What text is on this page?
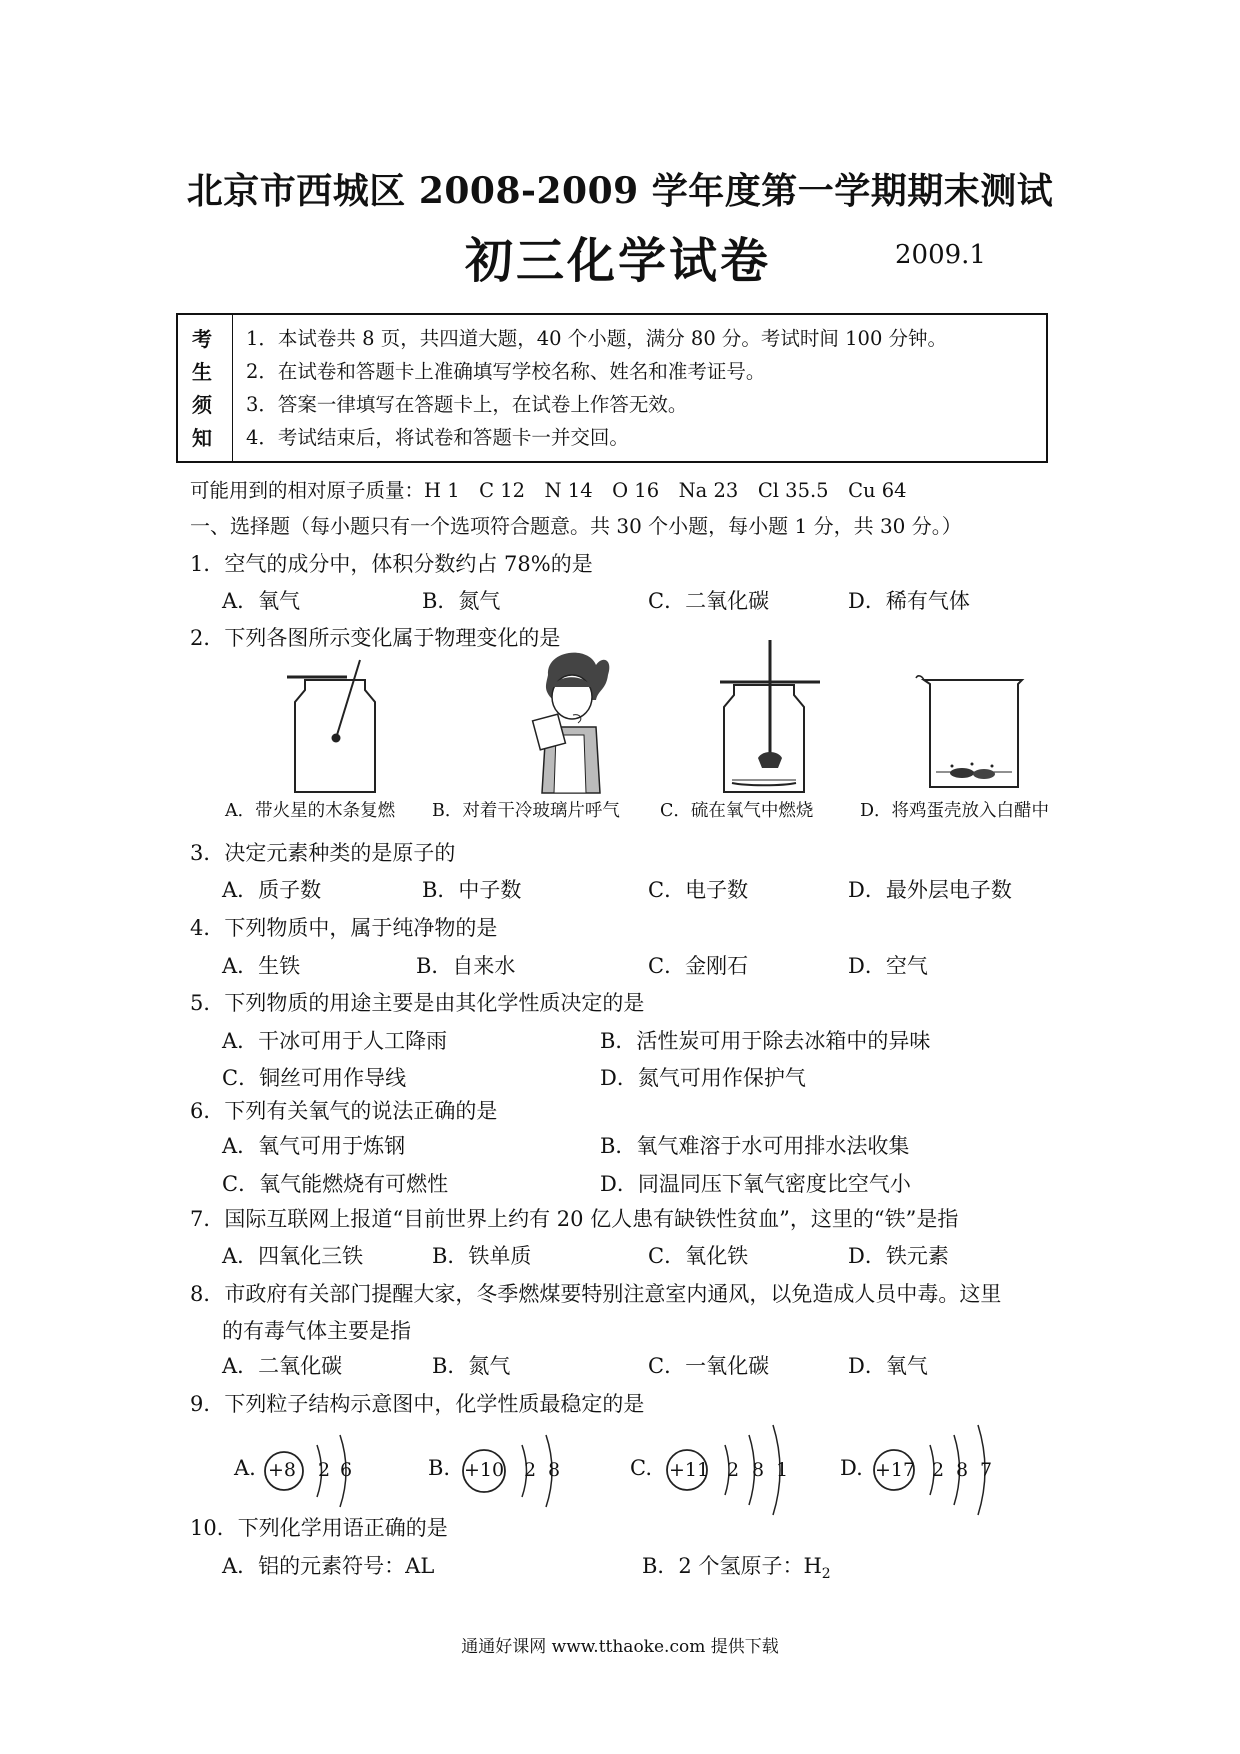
北京市西城区 2008-2009 学年度第一学期期末测试
初三化学试卷	2009.1
考
生
须
知
1．本试卷共 8 页，共四道大题，40 个小题，满分 80 分。考试时间 100 分钟。
2．在试卷和答题卡上准确填写学校名称、姓名和准考证号。
3．答案一律填写在答题卡上，在试卷上作答无效。
4．考试结束后，将试卷和答题卡一并交回。
可能用到的相对原子质量：H 1　C 12　N 14　O 16　Na 23　Cl 35.5　Cu 64
一、选择题（每小题只有一个选项符合题意。共 30 个小题，每小题 1 分，共 30 分。）
1．空气的成分中，体积分数约占 78%的是
A．氧气	B．氮气	C．二氧化碳	D．稀有气体
2．下列各图所示变化属于物理变化的是
A．带火星的木条复燃 B．对着干冷玻璃片呼气 C．硫在氧气中燃烧	D．将鸡蛋壳放入白醋中
3．决定元素种类的是原子的
A．质子数	B．中子数	C．电子数	D．最外层电子数
4．下列物质中，属于纯净物的是
A．生铁	B．自来水	C．金刚石	D．空气
5．下列物质的用途主要是由其化学性质决定的是
A．干冰可用于人工降雨	B．活性炭可用于除去冰箱中的异味
C．铜丝可用作导线	D．氮气可用作保护气
6．下列有关氧气的说法正确的是
A．氧气可用于炼钢	B．氧气难溶于水可用排水法收集
C．氧气能燃烧有可燃性	D．同温同压下氧气密度比空气小
7．国际互联网上报道“目前世界上约有 20 亿人患有缺铁性贫血”，这里的“铁”是指
A．四氧化三铁	B．铁单质	C．氧化铁	D．铁元素
8．市政府有关部门提醒大家，冬季燃煤要特别注意室内通风，以免造成人员中毒。这里
的有毒气体主要是指
A．二氧化碳	B．氮气	C．一氧化碳	D．氧气
9．下列粒子结构示意图中，化学性质最稳定的是
A. +8 2 6	B. +10 2 8	C. +11 2 8 1 D. +17 2 8 7
10．下列化学用语正确的是
A．铝的元素符号：AL	B．2 个氢原子：$H_2$
通通好课网 www.tthaoke.com 提供下载
